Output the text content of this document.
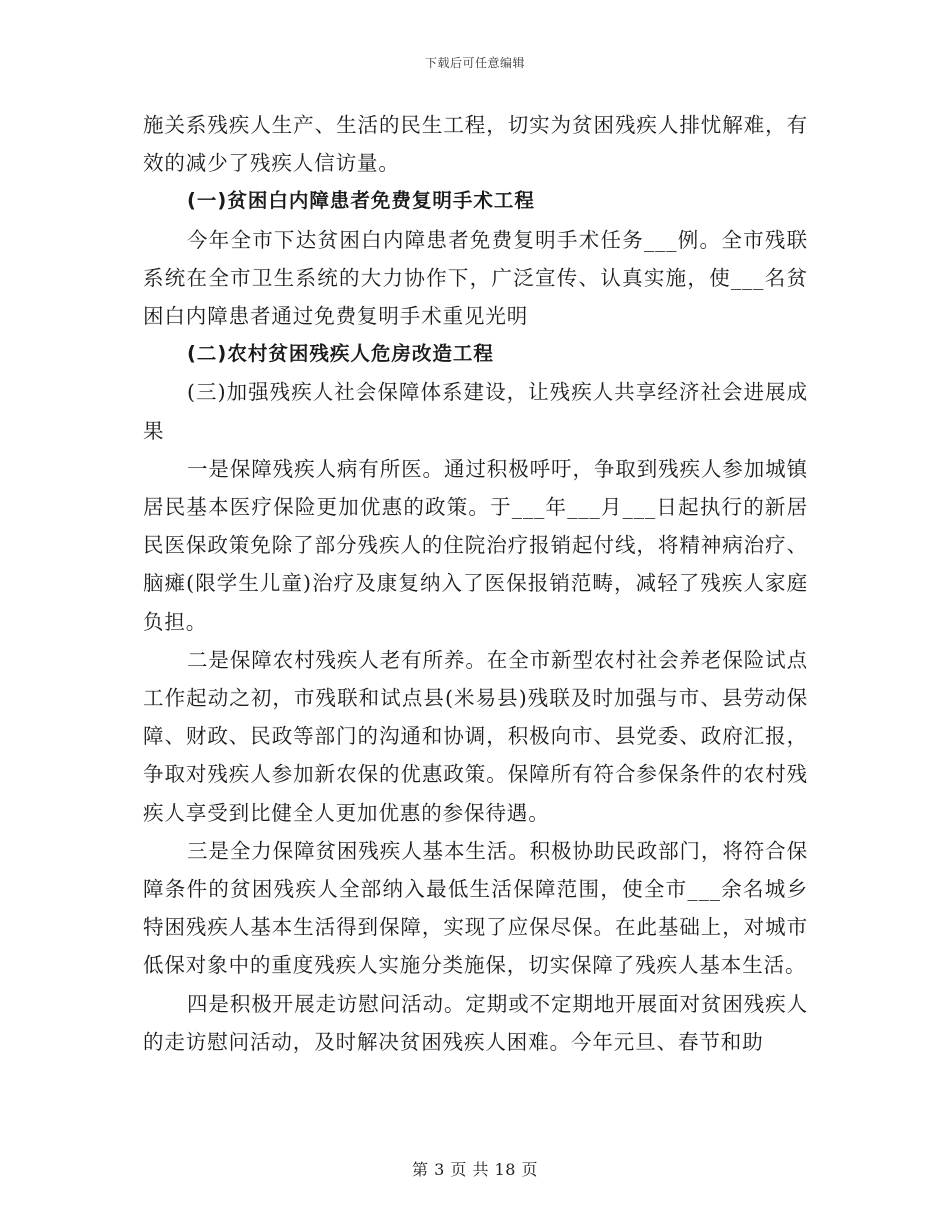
下载后可任意编辑

施关系残疾人生产、生活的民生工程，切实为贫困残疾人排忧解难，有效的减少了残疾人信访量。

(一)贫困白内障患者免费复明手术工程

今年全市下达贫困白内障患者免费复明手术任务___例。全市残联系统在全市卫生系统的大力协作下，广泛宣传、认真实施，使___名贫困白内障患者通过免费复明手术重见光明

(二)农村贫困残疾人危房改造工程

(三)加强残疾人社会保障体系建设，让残疾人共享经济社会进展成果

一是保障残疾人病有所医。通过积极呼吁，争取到残疾人参加城镇居民基本医疗保险更加优惠的政策。于___年___月___日起执行的新居民医保政策免除了部分残疾人的住院治疗报销起付线，将精神病治疗、脑瘫(限学生儿童)治疗及康复纳入了医保报销范畴，减轻了残疾人家庭负担。

二是保障农村残疾人老有所养。在全市新型农村社会养老保险试点工作起动之初，市残联和试点县(米易县)残联及时加强与市、县劳动保障、财政、民政等部门的沟通和协调，积极向市、县党委、政府汇报，争取对残疾人参加新农保的优惠政策。保障所有符合参保条件的农村残疾人享受到比健全人更加优惠的参保待遇。

三是全力保障贫困残疾人基本生活。积极协助民政部门，将符合保障条件的贫困残疾人全部纳入最低生活保障范围，使全市___余名城乡特困残疾人基本生活得到保障，实现了应保尽保。在此基础上，对城市低保对象中的重度残疾人实施分类施保，切实保障了残疾人基本生活。

四是积极开展走访慰问活动。定期或不定期地开展面对贫困残疾人的走访慰问活动，及时解决贫困残疾人困难。今年元旦、春节和助

第 3 页 共 18 页
